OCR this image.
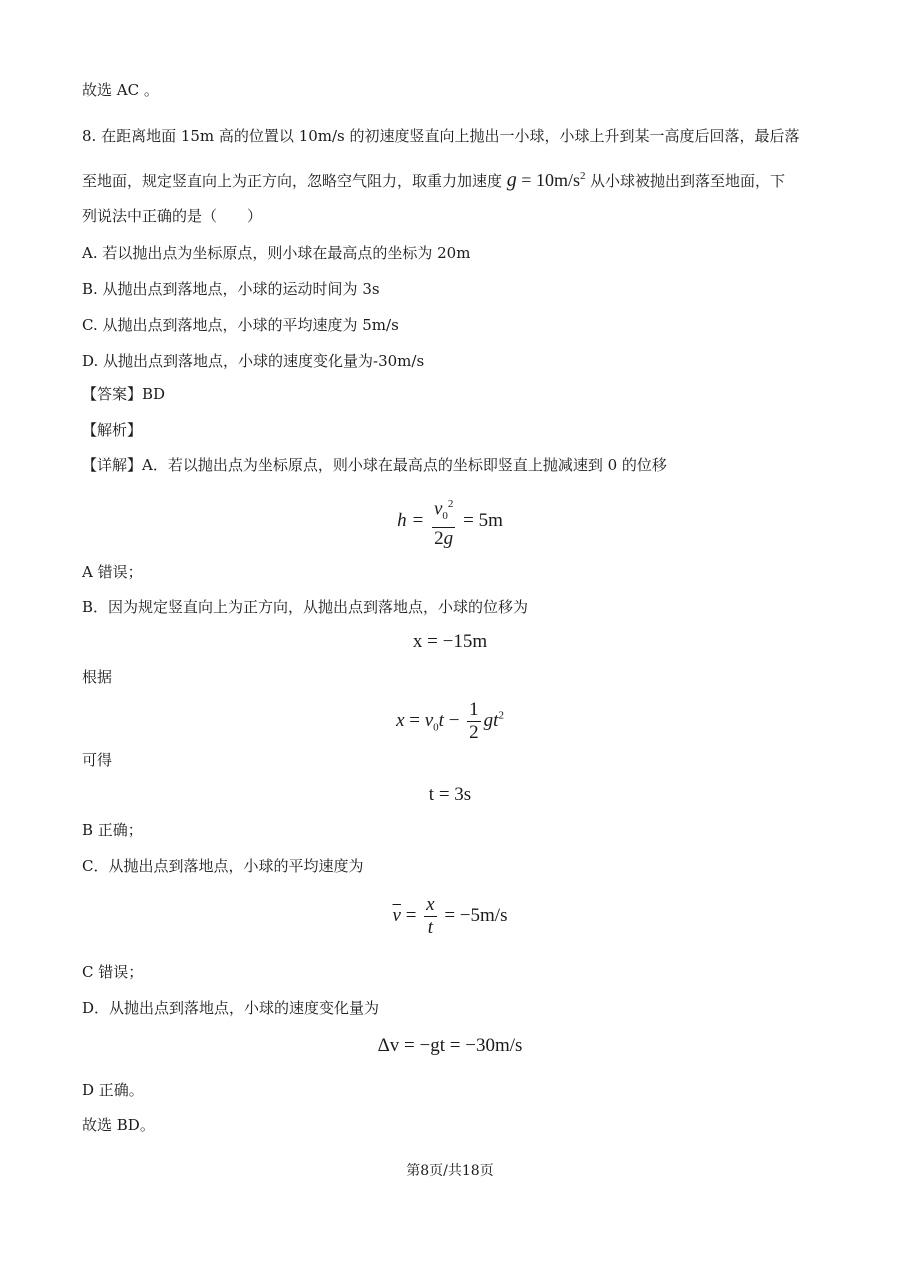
故选 AC 。
8. 在距离地面 15m 高的位置以 10m/s 的初速度竖直向上抛出一小球，小球上升到某一高度后回落，最后落
至地面，规定竖直向上为正方向，忽略空气阻力，取重力加速度 $g = 10m/s^2$ 从小球被抛出到落至地面，下
列说法中正确的是（　　）
A. 若以抛出点为坐标原点，则小球在最高点的坐标为 20m
B. 从抛出点到落地点，小球的运动时间为 3s
C. 从抛出点到落地点，小球的平均速度为 5m/s
D. 从抛出点到落地点，小球的速度变化量为-30m/s
【答案】BD
【解析】
【详解】A．若以抛出点为坐标原点，则小球在最高点的坐标即竖直上抛减速到 0 的位移
$h = \frac{v_0^2}{2g} = 5m$
A 错误；
B．因为规定竖直向上为正方向，从抛出点到落地点，小球的位移为
x = −15m
根据
$x = v_0t - \frac{1}{2} gt^2$
可得
t = 3s
B 正确；
C．从抛出点到落地点，小球的平均速度为
$\overline{v} = \frac{x}{t} = -5m/s$
C 错误；
D．从抛出点到落地点，小球的速度变化量为
Δv = −gt = −30m/s
D 正确。
故选 BD。
第8页/共18页
